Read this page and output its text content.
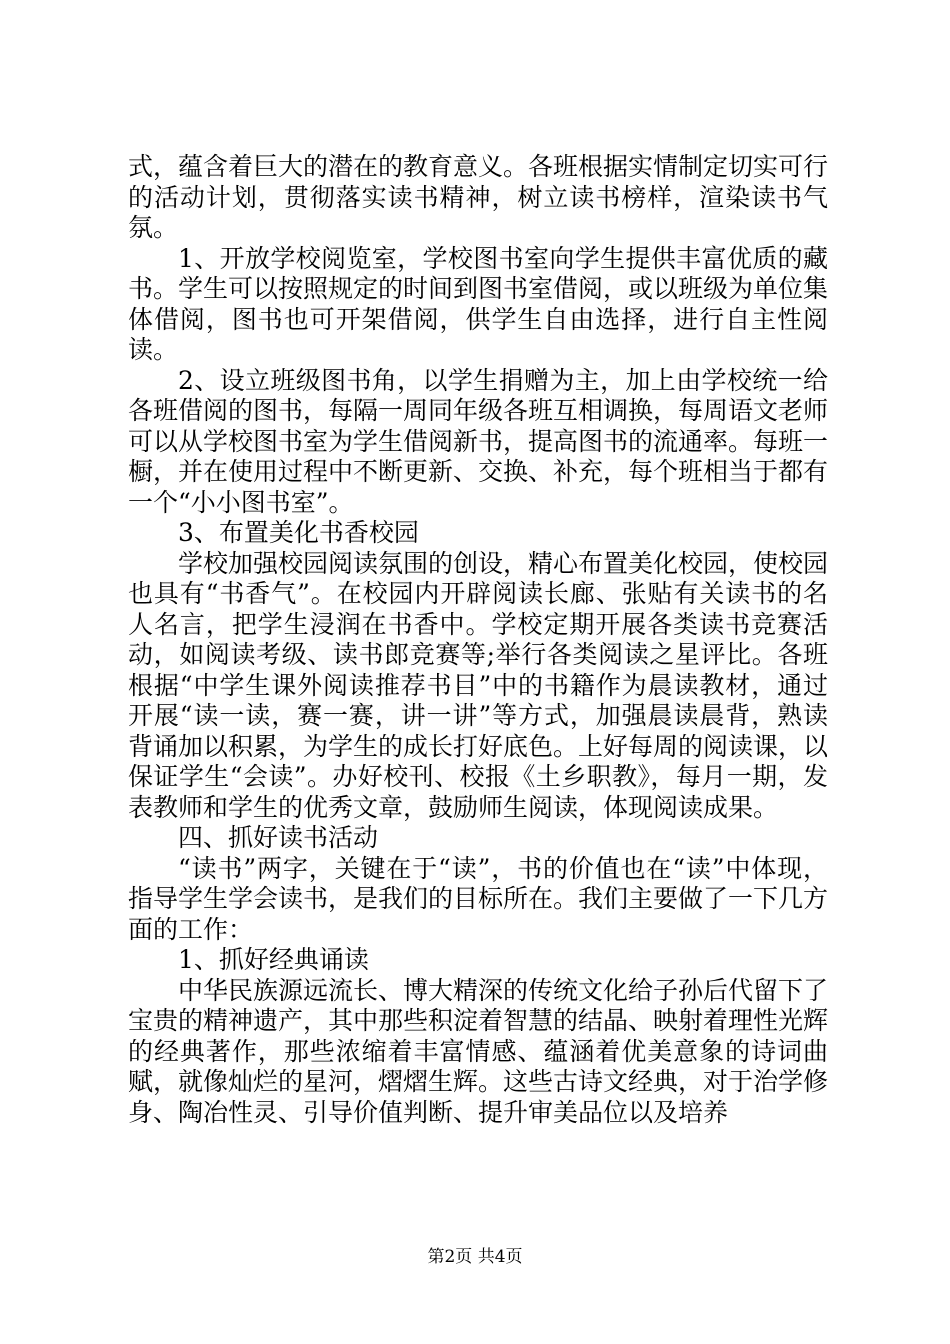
式，蕴含着巨大的潜在的教育意义。各班根据实情制定切实可行的活动计划，贯彻落实读书精神，树立读书榜样，渲染读书气氛。

1、开放学校阅览室，学校图书室向学生提供丰富优质的藏书。学生可以按照规定的时间到图书室借阅，或以班级为单位集体借阅，图书也可开架借阅，供学生自由选择，进行自主性阅读。

2、设立班级图书角，以学生捐赠为主，加上由学校统一给各班借阅的图书，每隔一周同年级各班互相调换，每周语文老师可以从学校图书室为学生借阅新书，提高图书的流通率。每班一橱，并在使用过程中不断更新、交换、补充，每个班相当于都有一个“小小图书室”。

3、布置美化书香校园

学校加强校园阅读氛围的创设，精心布置美化校园，使校园也具有“书香气”。在校园内开辟阅读长廊、张贴有关读书的名人名言，把学生浸润在书香中。学校定期开展各类读书竞赛活动，如阅读考级、读书郎竞赛等;举行各类阅读之星评比。各班根据“中学生课外阅读推荐书目”中的书籍作为晨读教材，通过开展“读一读，赛一赛，讲一讲”等方式，加强晨读晨背，熟读背诵加以积累，为学生的成长打好底色。上好每周的阅读课，以保证学生“会读”。办好校刊、校报《土乡职教》，每月一期，发表教师和学生的优秀文章，鼓励师生阅读，体现阅读成果。

四、抓好读书活动

“读书”两字，关键在于“读”，书的价值也在“读”中体现，指导学生学会读书，是我们的目标所在。我们主要做了一下几方面的工作：

1、抓好经典诵读

中华民族源远流长、博大精深的传统文化给子孙后代留下了宝贵的精神遗产，其中那些积淀着智慧的结晶、映射着理性光辉的经典著作，那些浓缩着丰富情感、蕴涵着优美意象的诗词曲赋，就像灿烂的星河，熠熠生辉。这些古诗文经典，对于治学修身、陶冶性灵、引导价值判断、提升审美品位以及培养

第2页 共4页
